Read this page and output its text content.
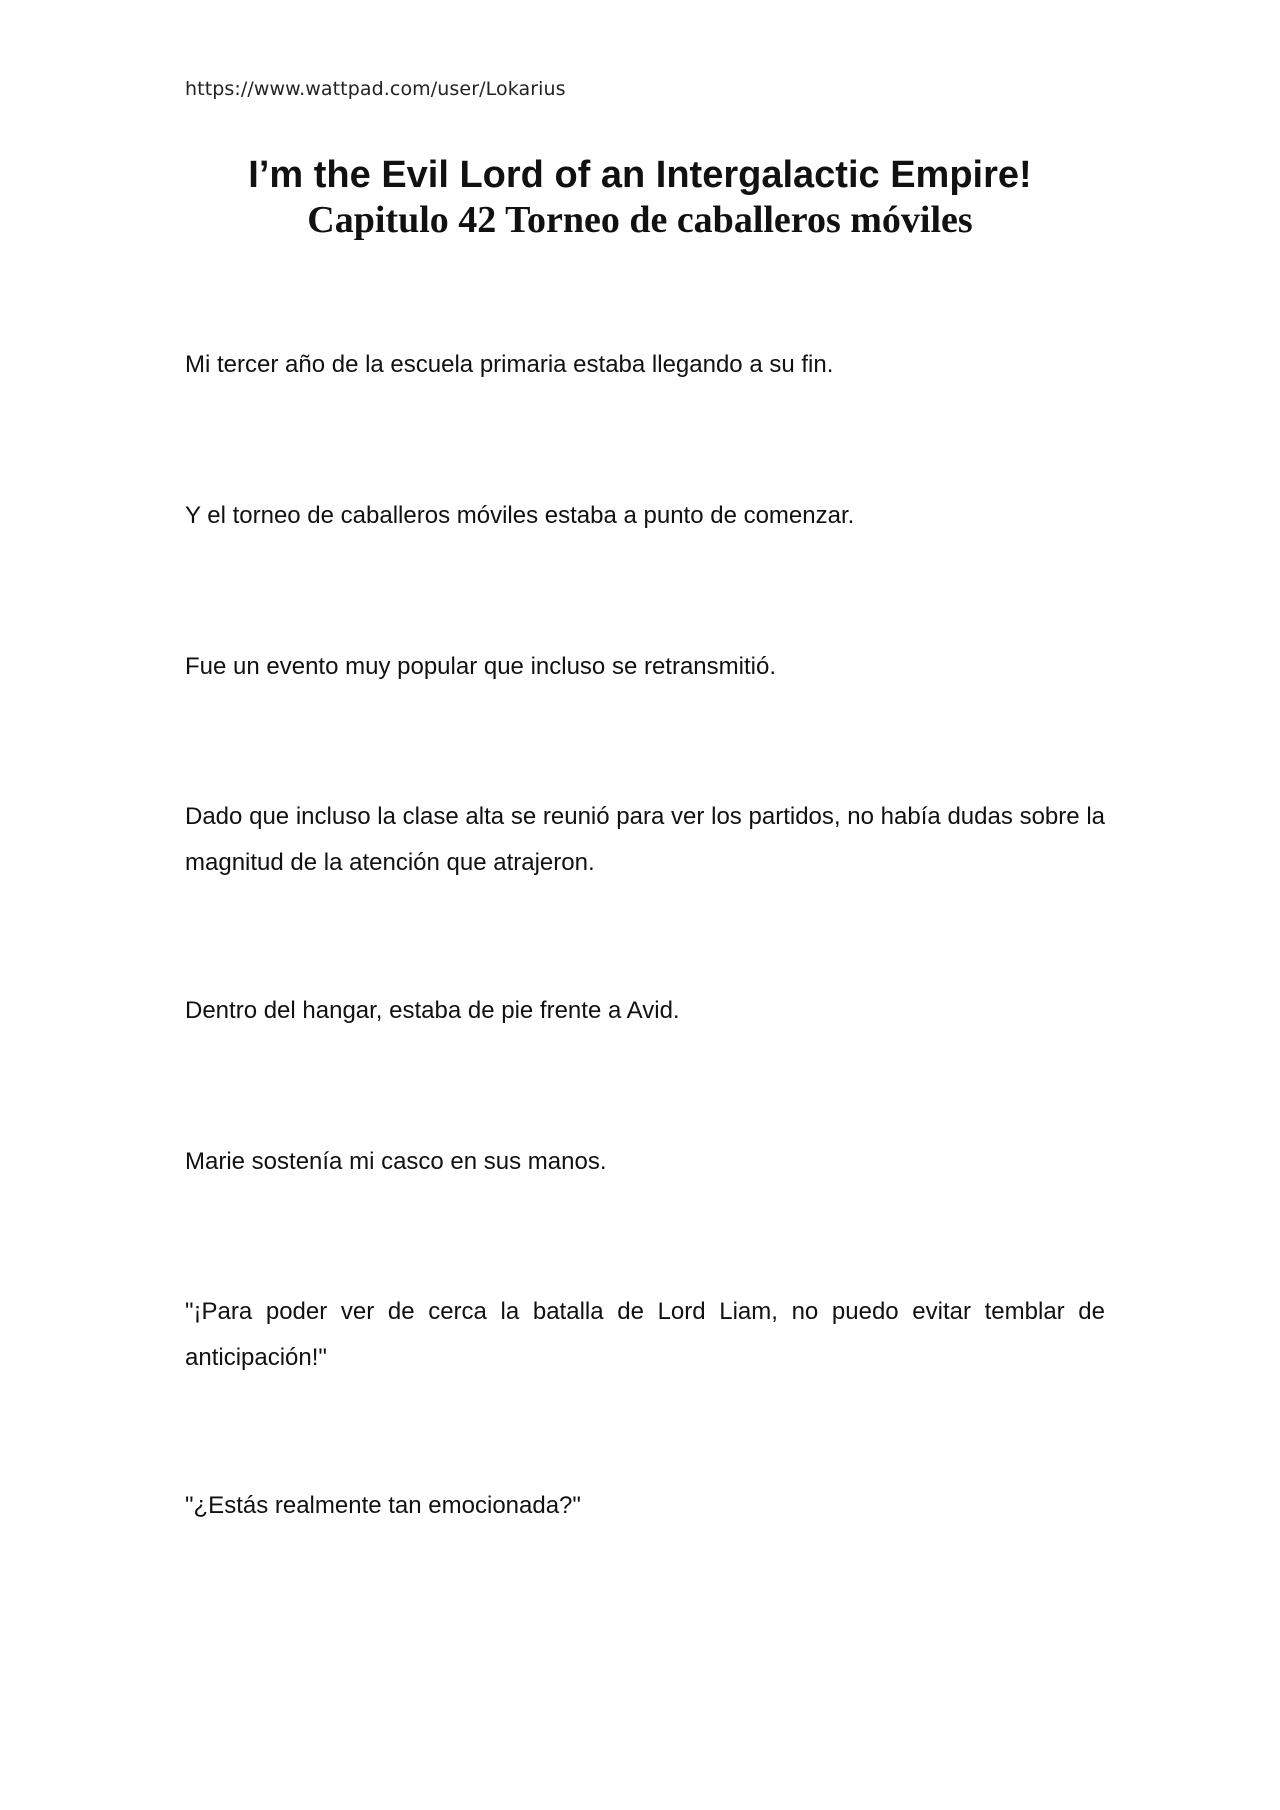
https://www.wattpad.com/user/Lokarius
I’m the Evil Lord of an Intergalactic Empire!
Capitulo 42 Torneo de caballeros móviles

Mi tercer año de la escuela primaria estaba llegando a su fin.

Y el torneo de caballeros móviles estaba a punto de comenzar.

Fue un evento muy popular que incluso se retransmitió.

Dado que incluso la clase alta se reunió para ver los partidos, no había dudas sobre la magnitud de la atención que atrajeron.

Dentro del hangar, estaba de pie frente a Avid.

Marie sostenía mi casco en sus manos.

"¡Para poder ver de cerca la batalla de Lord Liam, no puedo evitar temblar de anticipación!"

"¿Estás realmente tan emocionada?"
